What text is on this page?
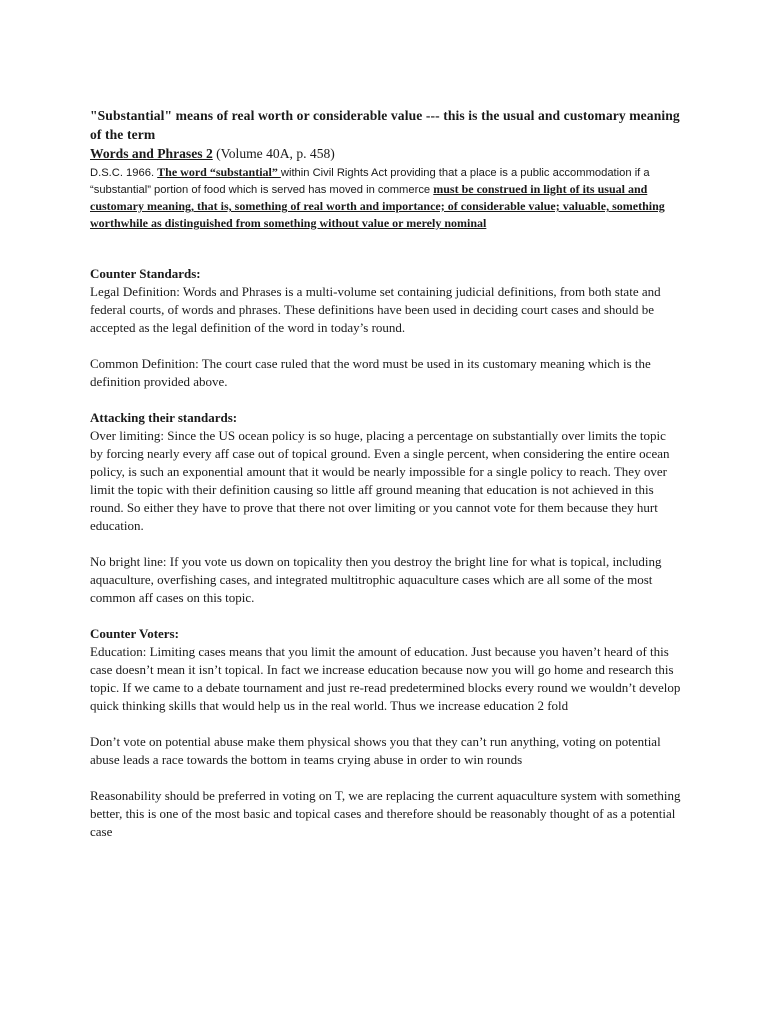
"Substantial" means of real worth or considerable value --- this is the usual and customary meaning of the term
Words and Phrases 2 (Volume 40A, p. 458)
D.S.C. 1966. The word “substantial” within Civil Rights Act providing that a place is a public accommodation if a “substantial” portion of food which is served has moved in commerce must be construed in light of its usual and customary meaning, that is, something of real worth and importance; of considerable value; valuable, something worthwhile as distinguished from something without value or merely nominal
Counter Standards:

Legal Definition: Words and Phrases is a multi-volume set containing judicial definitions, from both state and federal courts, of words and phrases. These definitions have been used in deciding court cases and should be accepted as the legal definition of the word in today’s round.

Common Definition: The court case ruled that the word must be used in its customary meaning which is the definition provided above.

Attacking their standards:

Over limiting: Since the US ocean policy is so huge, placing a percentage on substantially over limits the topic by forcing nearly every aff case out of topical ground. Even a single percent, when considering the entire ocean policy, is such an exponential amount that it would be nearly impossible for a single policy to reach. They over limit the topic with their definition causing so little aff ground meaning that education is not achieved in this round. So either they have to prove that there not over limiting or you cannot vote for them because they hurt education.

No bright line: If you vote us down on topicality then you destroy the bright line for what is topical, including aquaculture, overfishing cases, and integrated multitrophic aquaculture cases which are all some of the most common aff cases on this topic.

Counter Voters:

Education: Limiting cases means that you limit the amount of education. Just because you haven’t heard of this case doesn’t mean it isn’t topical. In fact we increase education because now you will go home and research this topic. If we came to a debate tournament and just re-read predetermined blocks every round we wouldn’t develop quick thinking skills that would help us in the real world. Thus we increase education 2 fold

Don’t vote on potential abuse make them physical shows you that they can’t run anything, voting on potential abuse leads a race towards the bottom in teams crying abuse in order to win rounds

Reasonability should be preferred in voting on T, we are replacing the current aquaculture system with something better, this is one of the most basic and topical cases and therefore should be reasonably thought of as a potential case
